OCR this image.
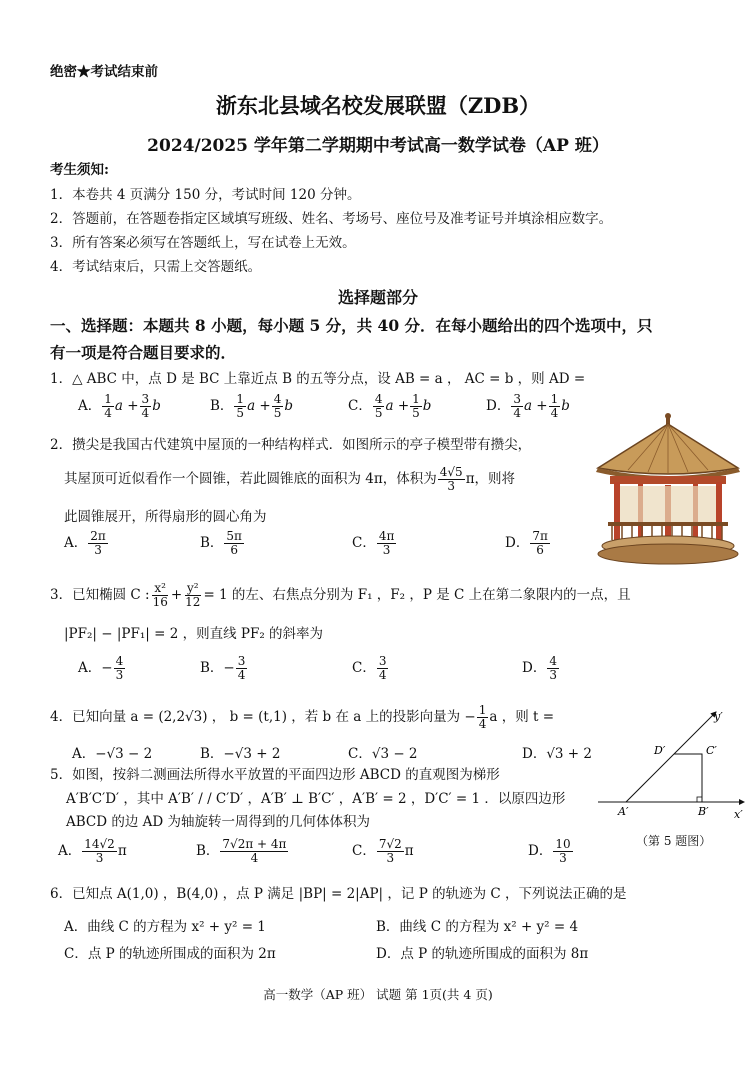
绝密★考试结束前
浙东北县域名校发展联盟（ZDB）
2024/2025 学年第二学期期中考试高一数学试卷（AP 班）
考生须知:
1．本卷共 4 页满分 150 分，考试时间 120 分钟。
2．答题前，在答题卷指定区域填写班级、姓名、考场号、座位号及准考证号并填涂相应数字。
3．所有答案必须写在答题纸上，写在试卷上无效。
4．考试结束后，只需上交答题纸。
选择题部分
一、选择题：本题共 8 小题，每小题 5 分，共 40 分．在每小题给出的四个选项中，只
有一项是符合题目要求的．
1．△ ABC 中，点 D 是 BC 上靠近点 B 的五等分点，设 AB = a ， AC = b ，则 AD =
A． $\frac{1}{4}$ $a + \frac{3}{4}$ b	B． $\frac{1}{5}$ $a + \frac{4}{5}$ b	C． $\frac{4}{5}$ $a + \frac{1}{5}$ b	D． $\frac{3}{4}$ $a + \frac{1}{4}$ b
2．攒尖是我国古代建筑中屋顶的一种结构样式．如图所示的亭子模型带有攒尖，
其屋顶可近似看作一个圆锥，若此圆锥底的面积为 4π，体积为 $\frac{4√5}{3}$ π，则将
此圆锥展开，所得扇形的圆心角为
A． $\frac{2\pi}{3}$	B． $\frac{5\pi}{6}$	C． $\frac{4\pi}{3}$	D． $\frac{7\pi}{6}$
3．已知椭圆 C : $\frac{\text{x²}}{16} + \frac{\text{y²}}{12} = 1$ 的左、右焦点分别为 F₁ ，F₂ ，P 是 C 上在第二象限内的一点，且
|PF₂| − |PF₁| = 2 ，则直线 PF₂ 的斜率为
A．− $\frac{4}{3}$	B．− $\frac{3}{4}$	C． $\frac{3}{4}$	D． $\frac{4}{3}$
4．已知向量 a = (2,2√3) ， b = (t,1) ，若 b 在 a 上的投影向量为 − $\frac{1}{4}$ a ，则 t =
A．−√3 − 2	B．−√3 + 2	C．√3 − 2	D．√3 + 2
5．如图，按斜二测画法所得水平放置的平面四边形 ABCD 的直观图为梯形
A′B′C′D′ ，其中 A′B′ / / C′D′ ，A′B′ ⊥ B′C′ ，A′B′ = 2 ，D′C′ = 1 ．以原四边形
ABCD 的边 AD 为轴旋转一周得到的几何体体积为
A． $\frac{14√2}{3}$ π	B． $\frac{7√2\pi + 4\pi}{4}$	C． $\frac{7√2}{3}$ π	D． $\frac{10}{3}$
y′
x′
A′	B′
C′
D′
（第 5 题图）
6．已知点 A(1,0) ，B(4,0) ，点 P 满足 |BP| = 2|AP| ，记 P 的轨迹为 C ，下列说法正确的是
A．曲线 C 的方程为 x² + y² = 1	B．曲线 C 的方程为 x² + y² = 4
C．点 P 的轨迹所围成的面积为 2π	D．点 P 的轨迹所围成的面积为 8π
高一数学（AP 班） 试题 第 1页(共 4 页)
